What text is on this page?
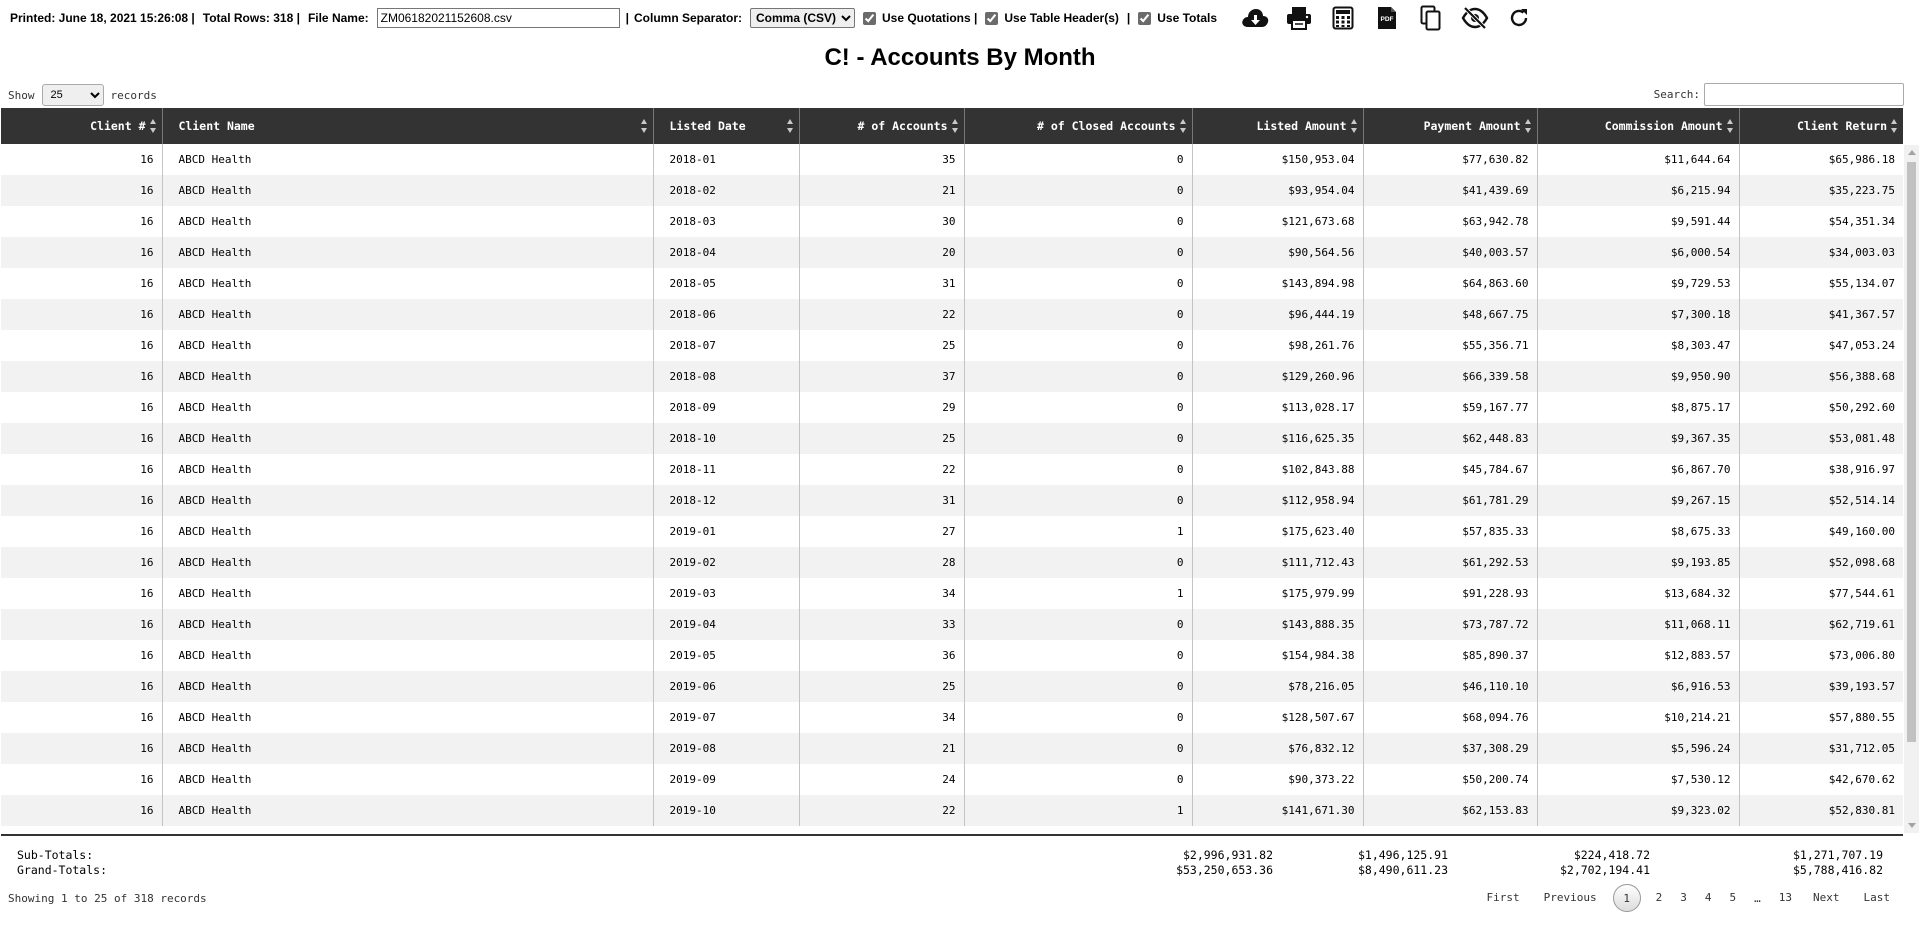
Printed: June 18, 2021 15:26:08 | Total Rows: 318 | File Name:
ZM06182021152608.csv	| Column Separator:
Comma (CSV)	Use Quotations | Use Table Header(s) | Use Totals	PDF
C! - Accounts By Month
Show
25	records	Search:
Client #	Client Name	Listed Date	# of Accounts	# of Closed Accounts	Listed Amount	Payment Amount	Commission Amount	Client Return

16	ABCD Health	2018-01	35	0	$150,953.04	$77,630.82	$11,644.64	$65,986.18
16	ABCD Health	2018-02	21	0	$93,954.04	$41,439.69	$6,215.94	$35,223.75
16	ABCD Health	2018-03	30	0	$121,673.68	$63,942.78	$9,591.44	$54,351.34
16	ABCD Health	2018-04	20	0	$90,564.56	$40,003.57	$6,000.54	$34,003.03
16	ABCD Health	2018-05	31	0	$143,894.98	$64,863.60	$9,729.53	$55,134.07
16	ABCD Health	2018-06	22	0	$96,444.19	$48,667.75	$7,300.18	$41,367.57
16	ABCD Health	2018-07	25	0	$98,261.76	$55,356.71	$8,303.47	$47,053.24
16	ABCD Health	2018-08	37	0	$129,260.96	$66,339.58	$9,950.90	$56,388.68
16	ABCD Health	2018-09	29	0	$113,028.17	$59,167.77	$8,875.17	$50,292.60
16	ABCD Health	2018-10	25	0	$116,625.35	$62,448.83	$9,367.35	$53,081.48
16	ABCD Health	2018-11	22	0	$102,843.88	$45,784.67	$6,867.70	$38,916.97
16	ABCD Health	2018-12	31	0	$112,958.94	$61,781.29	$9,267.15	$52,514.14
16	ABCD Health	2019-01	27	1	$175,623.40	$57,835.33	$8,675.33	$49,160.00
16	ABCD Health	2019-02	28	0	$111,712.43	$61,292.53	$9,193.85	$52,098.68
16	ABCD Health	2019-03	34	1	$175,979.99	$91,228.93	$13,684.32	$77,544.61
16	ABCD Health	2019-04	33	0	$143,888.35	$73,787.72	$11,068.11	$62,719.61
16	ABCD Health	2019-05	36	0	$154,984.38	$85,890.37	$12,883.57	$73,006.80
16	ABCD Health	2019-06	25	0	$78,216.05	$46,110.10	$6,916.53	$39,193.57
16	ABCD Health	2019-07	34	0	$128,507.67	$68,094.76	$10,214.21	$57,880.55
16	ABCD Health	2019-08	21	0	$76,832.12	$37,308.29	$5,596.24	$31,712.05
16	ABCD Health	2019-09	24	0	$90,373.22	$50,200.74	$7,530.12	$42,670.62
16	ABCD Health	2019-10	22	1	$141,671.30	$62,153.83	$9,323.02	$52,830.81
Sub-Totals:
Grand-Totals:
$2,996,931.82	$1,496,125.91	$224,418.72	$1,271,707.19
$53,250,653.36	$8,490,611.23	$2,702,194.41	$5,788,416.82
Showing 1 to 25 of 318 records	First	Previous	1	2	3	4	5	…	13	Next	Last
